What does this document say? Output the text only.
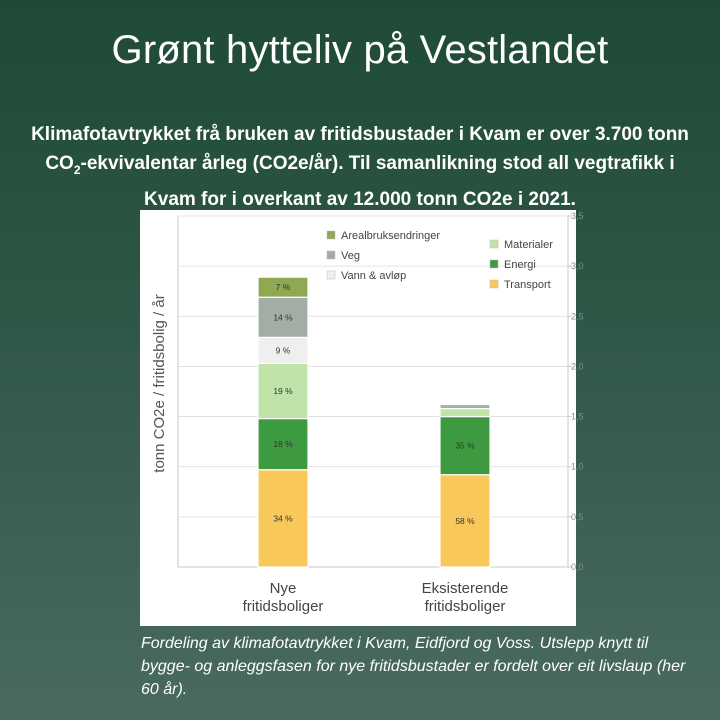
Grønt hytteliv på Vestlandet
Klimafotavtrykket frå bruken av fritidsbustader i Kvam er over 3.700 tonn $CO_2$-ekvivalentar årleg (CO2e/år). Til samanlikning stod all vegtrafikk i Kvam for i overkant av 12.000 tonn CO2e i 2021.
0,0
0,5
1,0
1,5
2,0
2,5
3,0
3,5
tonn CO2e / fritidsbolig / år
34 %
18 %
19 %
9 %
14 %
7 %
Nye
fritidsboliger
58 %
35 %
Eksisterende
fritidsboliger
Arealbruksendringer
Veg
Vann & avløp
Materialer
Energi
Transport
Fordeling av klimafotavtrykket i Kvam, Eidfjord og Voss. Utslepp knytt til bygge- og anleggsfasen for nye fritidsbustader er fordelt over eit livslaup (her 60 år).
